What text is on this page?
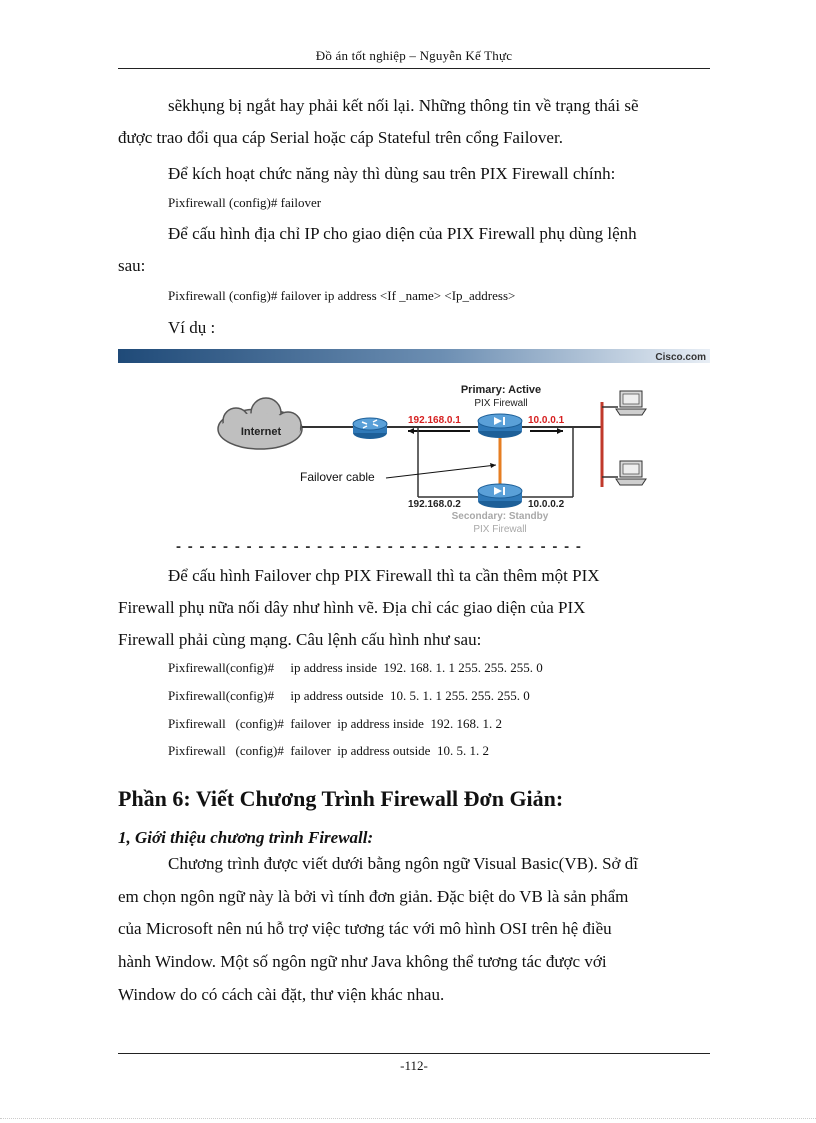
Đồ án tốt nghiệp – Nguyễn Kế Thực
sẽkhụng bị ngắt hay phải kết nối lại. Những thông tin về trạng thái sẽ
được trao đổi qua cáp Serial hoặc cáp Stateful trên cổng Failover.
Để kích hoạt chức năng này thì dùng sau trên PIX Firewall chính:
Pixfirewall (config)# failover
Để cấu hình địa chỉ IP cho giao diện của PIX Firewall phụ dùng lệnh
sau:
Pixfirewall (config)# failover ip address <If _name> <Ip_address>
Ví dụ :
Cisco.com
Internet
Primary: Active
PIX Firewall
192.168.0.1	10.0.0.1
Failover cable
192.168.0.2	10.0.0.2
Secondary: Standby
PIX Firewall
- - - - - - - - - - - - - - - - - - - - - - - - - - - - - - - - - - -
Để cấu hình Failover chp PIX Firewall thì ta cần thêm một PIX
Firewall phụ nữa nối dây như hình vẽ. Địa chỉ các giao diện của PIX
Firewall phải cùng mạng. Câu lệnh cấu hình như sau:
Pixfirewall(config)#     ip address inside  192. 168. 1. 1 255. 255. 255. 0
Pixfirewall(config)#     ip address outside  10. 5. 1. 1 255. 255. 255. 0
Pixfirewall   (config)#  failover  ip address inside  192. 168. 1. 2
Pixfirewall   (config)#  failover  ip address outside  10. 5. 1. 2
Phần 6: Viết Chương Trình Firewall Đơn Giản:
1, Giới thiệu chương trình Firewall:
Chương trình được viết dưới bằng ngôn ngữ Visual Basic(VB). Sở dĩ
em chọn ngôn ngữ này là bởi vì tính đơn giản. Đặc biệt do VB là sản phẩm
của Microsoft nên nú hỗ trợ việc tương tác với mô hình OSI trên hệ điều
hành Window. Một số ngôn ngữ như Java không thể tương tác được với
Window do có cách cài đặt, thư viện khác nhau.
-112-
